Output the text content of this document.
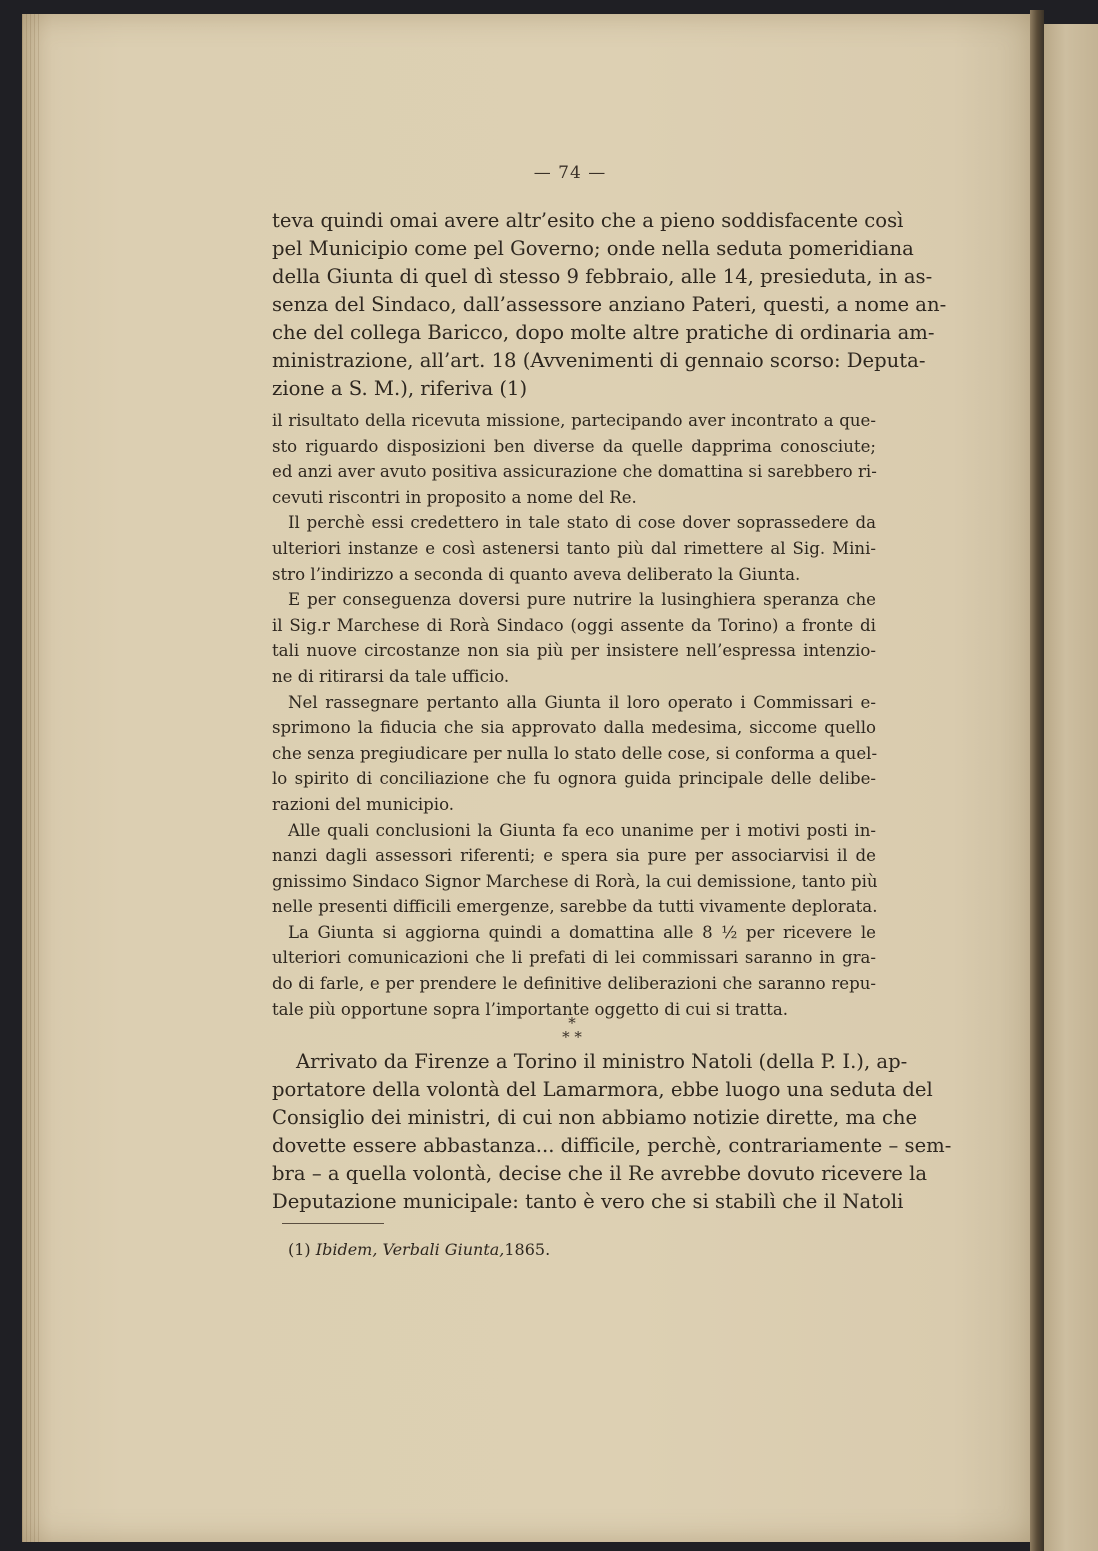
— 74 —
teva quindi omai avere altr’esito che a pieno soddisfacente così
pel Municipio come pel Governo; onde nella seduta pomeridiana
della Giunta di quel dì stesso 9 febbraio, alle 14, presieduta, in as-
senza del Sindaco, dall’assessore anziano Pateri, questi, a nome an-
che del collega Baricco, dopo molte altre pratiche di ordinaria am-
ministrazione, all’art. 18 (Avvenimenti di gennaio scorso: Deputa-
zione a S. M.), riferiva (1)
il risultato della ricevuta missione, partecipando aver incontrato a que-
sto riguardo disposizioni ben diverse da quelle dapprima conosciute;
ed anzi aver avuto positiva assicurazione che domattina si sarebbero ri-
cevuti riscontri in proposito a nome del Re.
Il perchè essi credettero in tale stato di cose dover soprassedere da
ulteriori instanze e così astenersi tanto più dal rimettere al Sig. Mini-
stro l’indirizzo a seconda di quanto aveva deliberato la Giunta.
E per conseguenza doversi pure nutrire la lusinghiera speranza che
il Sig.r Marchese di Rorà Sindaco (oggi assente da Torino) a fronte di
tali nuove circostanze non sia più per insistere nell’espressa intenzio-
ne di ritirarsi da tale ufficio.
Nel rassegnare pertanto alla Giunta il loro operato i Commissari e-
sprimono la fiducia che sia approvato dalla medesima, siccome quello
che senza pregiudicare per nulla lo stato delle cose, si conforma a quel-
lo spirito di conciliazione che fu ognora guida principale delle delibe-
razioni del municipio.
Alle quali conclusioni la Giunta fa eco unanime per i motivi posti in-
nanzi dagli assessori riferenti; e spera sia pure per associarvisi il de
gnissimo Sindaco Signor Marchese di Rorà, la cui demissione, tanto più
nelle presenti difficili emergenze, sarebbe da tutti vivamente deplorata.
La Giunta si aggiorna quindi a domattina alle 8 ½ per ricevere le
ulteriori comunicazioni che li prefati di lei commissari saranno in gra-
do di farle, e per prendere le definitive deliberazioni che saranno repu-
tale più opportune sopra l’importante oggetto di cui si tratta.
*
* *
Arrivato da Firenze a Torino il ministro Natoli (della P. I.), ap-
portatore della volontà del Lamarmora, ebbe luogo una seduta del
Consiglio dei ministri, di cui non abbiamo notizie dirette, ma che
dovette essere abbastanza... difficile, perchè, contrariamente – sem-
bra – a quella volontà, decise che il Re avrebbe dovuto ricevere la
Deputazione municipale: tanto è vero che si stabilì che il Natoli
(1) Ibidem, Verbali Giunta,1865.
